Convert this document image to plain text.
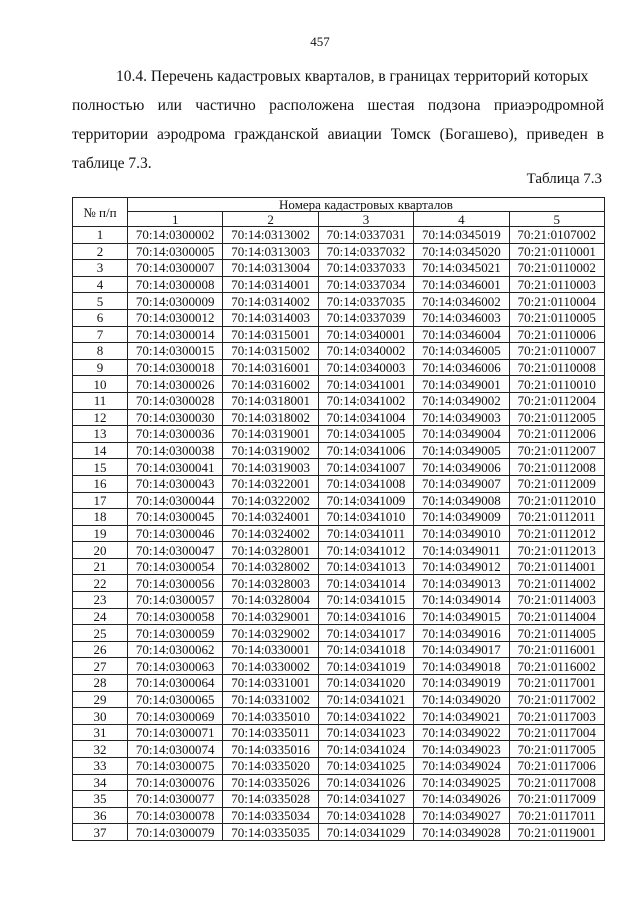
457
10.4. Перечень кадастровых кварталов, в границах территорий которых
полностью или частично расположена шестая подзона приаэродромной
территории аэродрома гражданской авиации Томск (Богашево), приведен в
таблице 7.3.
Таблица 7.3
№ п/п	Номера кадастровых кварталов				
	1	2	3	4	5
1	70:14:0300002	70:14:0313002	70:14:0337031	70:14:0345019	70:21:0107002
2	70:14:0300005	70:14:0313003	70:14:0337032	70:14:0345020	70:21:0110001
3	70:14:0300007	70:14:0313004	70:14:0337033	70:14:0345021	70:21:0110002
4	70:14:0300008	70:14:0314001	70:14:0337034	70:14:0346001	70:21:0110003
5	70:14:0300009	70:14:0314002	70:14:0337035	70:14:0346002	70:21:0110004
6	70:14:0300012	70:14:0314003	70:14:0337039	70:14:0346003	70:21:0110005
7	70:14:0300014	70:14:0315001	70:14:0340001	70:14:0346004	70:21:0110006
8	70:14:0300015	70:14:0315002	70:14:0340002	70:14:0346005	70:21:0110007
9	70:14:0300018	70:14:0316001	70:14:0340003	70:14:0346006	70:21:0110008
10	70:14:0300026	70:14:0316002	70:14:0341001	70:14:0349001	70:21:0110010
11	70:14:0300028	70:14:0318001	70:14:0341002	70:14:0349002	70:21:0112004
12	70:14:0300030	70:14:0318002	70:14:0341004	70:14:0349003	70:21:0112005
13	70:14:0300036	70:14:0319001	70:14:0341005	70:14:0349004	70:21:0112006
14	70:14:0300038	70:14:0319002	70:14:0341006	70:14:0349005	70:21:0112007
15	70:14:0300041	70:14:0319003	70:14:0341007	70:14:0349006	70:21:0112008
16	70:14:0300043	70:14:0322001	70:14:0341008	70:14:0349007	70:21:0112009
17	70:14:0300044	70:14:0322002	70:14:0341009	70:14:0349008	70:21:0112010
18	70:14:0300045	70:14:0324001	70:14:0341010	70:14:0349009	70:21:0112011
19	70:14:0300046	70:14:0324002	70:14:0341011	70:14:0349010	70:21:0112012
20	70:14:0300047	70:14:0328001	70:14:0341012	70:14:0349011	70:21:0112013
21	70:14:0300054	70:14:0328002	70:14:0341013	70:14:0349012	70:21:0114001
22	70:14:0300056	70:14:0328003	70:14:0341014	70:14:0349013	70:21:0114002
23	70:14:0300057	70:14:0328004	70:14:0341015	70:14:0349014	70:21:0114003
24	70:14:0300058	70:14:0329001	70:14:0341016	70:14:0349015	70:21:0114004
25	70:14:0300059	70:14:0329002	70:14:0341017	70:14:0349016	70:21:0114005
26	70:14:0300062	70:14:0330001	70:14:0341018	70:14:0349017	70:21:0116001
27	70:14:0300063	70:14:0330002	70:14:0341019	70:14:0349018	70:21:0116002
28	70:14:0300064	70:14:0331001	70:14:0341020	70:14:0349019	70:21:0117001
29	70:14:0300065	70:14:0331002	70:14:0341021	70:14:0349020	70:21:0117002
30	70:14:0300069	70:14:0335010	70:14:0341022	70:14:0349021	70:21:0117003
31	70:14:0300071	70:14:0335011	70:14:0341023	70:14:0349022	70:21:0117004
32	70:14:0300074	70:14:0335016	70:14:0341024	70:14:0349023	70:21:0117005
33	70:14:0300075	70:14:0335020	70:14:0341025	70:14:0349024	70:21:0117006
34	70:14:0300076	70:14:0335026	70:14:0341026	70:14:0349025	70:21:0117008
35	70:14:0300077	70:14:0335028	70:14:0341027	70:14:0349026	70:21:0117009
36	70:14:0300078	70:14:0335034	70:14:0341028	70:14:0349027	70:21:0117011
37	70:14:0300079	70:14:0335035	70:14:0341029	70:14:0349028	70:21:0119001
